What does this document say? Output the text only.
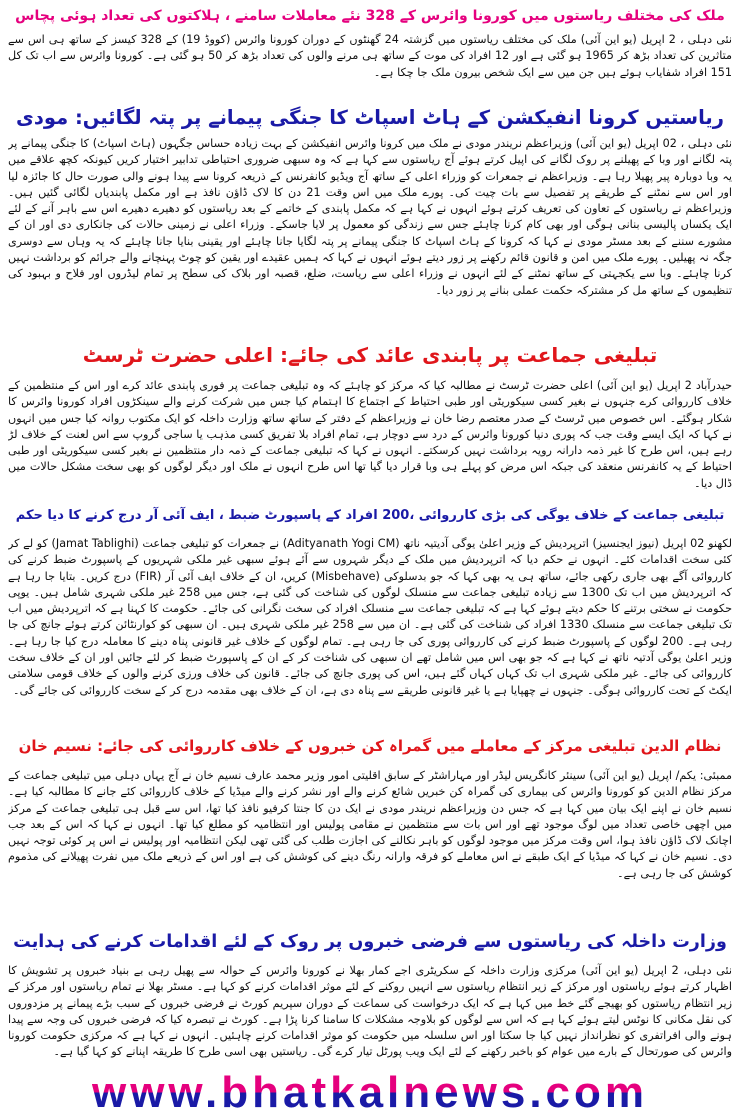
ملک کی مختلف ریاستوں میں کورونا وائرس کے 328 نئے معاملات سامنے ، ہلاکتوں کی تعداد ہوئی پچاس
نئی دہلی ، 2 اپریل (یو این آئی) ملک کی مختلف ریاستوں میں گزشتہ 24 گھنٹوں کے دوران کورونا وائرس (کووڈ 19) کے 328 کیسز کے ساتھ ہی اس سے متاثرین کی تعداد بڑھ کر 1965 ہو گئی ہے اور 12 افراد کی موت کے ساتھ ہی مرنے والوں کی تعداد بڑھ کر 50 ہو گئی ہے۔ کورونا وائرس سے اب تک کل 151 افراد شفایاب ہوئے ہیں جن میں سے ایک شخص بیرون ملک جا چکا ہے۔
ریاستیں کرونا انفیکشن کے ہاٹ اسپاٹ کا جنگی پیمانے پر پتہ لگائیں: مودی
نئی دہلی ، 02 اپریل (یو این آئی) وزیراعظم نریندر مودی نے ملک میں کرونا وائرس انفیکشن کے بہت زیادہ حساس جگہوں (ہاٹ اسپاٹ) کا جنگی پیمانے پر پتہ لگانے اور وبا کے پھیلنے پر روک لگانے کی اپیل کرتے ہوئے آج ریاستوں سے کہا ہے کہ وہ سبھی ضروری احتیاطی تدابیر اختیار کریں کیونکہ کچھ علاقے میں یہ وبا دوبارہ پیر پھیلا رہا ہے۔ وزیراعظم نے جمعرات کو وزراء اعلی کے ساتھ آج ویڈیو کانفرنس کے ذریعہ کرونا سے پیدا ہونے والی صورت حال کا جائزہ لیا اور اس سے نمٹنے کے طریقے پر تفصیل سے بات چیت کی۔ پورے ملک میں اس وقت 21 دن کا لاک ڈاؤن نافذ ہے اور مکمل پابندیاں لگائی گئیں ہیں۔ وزیراعظم نے ریاستوں کے تعاون کی تعریف کرتے ہوئے انہوں نے کہا ہے کہ مکمل پابندی کے خاتمے کے بعد ریاستوں کو دھیرے دھیرے اس سے باہر آنے کے لئے ایک یکساں پالیسی بنانی ہوگی اور بھی کام کرنا چاہئے جس سے زندگی کو معمول پر لایا جاسکے۔ وزراء اعلی نے زمینی حالات کی جانکاری دی اور ان کے مشورے سننے کے بعد مسٹر مودی نے کہا کہ کرونا کے ہاٹ اسپاٹ کا جنگی پیمانے پر پتہ لگایا جانا چاہئے اور یقینی بنایا جانا چاہئے کہ یہ وہاں سے دوسری جگہ نہ پھیلیں۔ پورے ملک میں امن و قانون قائم رکھنے پر زور دیتے ہوئے انہوں نے کہا کہ ہمیں عقیدے اور یقین کو چوٹ پہنچانے والے جرائم کو برداشت نہیں کرنا چاہئے۔ وبا سے یکجہتی کے ساتھ نمٹنے کے لئے انہوں نے وزراء اعلی سے ریاست، ضلع، قصبہ اور بلاک کی سطح پر تمام لیڈروں اور فلاح و بہبود کی تنظیموں کے ساتھ مل کر مشترکہ حکمت عملی بنانے پر زور دیا۔
تبلیغی جماعت پر پابندی عائد کی جائے: اعلی حضرت ٹرسٹ
حیدرآباد 2 اپریل (یو این آئی) اعلی حضرت ٹرسٹ نے مطالبہ کیا کہ مرکز کو چاہئے کہ وہ تبلیغی جماعت پر فوری پابندی عائد کرے اور اس کے منتظمین کے خلاف کارروائی کرے جنہوں نے بغیر کسی سیکوریٹی اور طبی احتیاط کے اجتماع کا اہتمام کیا جس میں شرکت کرنے والے سینکڑوں افراد کورونا وائرس کا شکار ہوگئے۔ اس خصوص میں ٹرسٹ کے صدر معتصم رضا خان نے وزیراعظم کے دفتر کے ساتھ ساتھ وزارت داخلہ کو ایک مکتوب روانہ کیا جس میں انہوں نے کہا کہ ایک ایسے وقت جب کہ پوری دنیا کورونا وائرس کے درد سے دوچار ہے، تمام افراد بلا تفریق کسی مذہب یا ساجی گروپ سے اس لعنت کے خلاف لڑ رہے ہیں، اس طرح کا غیر ذمہ دارانہ رویہ برداشت نہیں کرسکتے۔ انہوں نے کہا کہ تبلیغی جماعت کے ذمہ دار منتظمین نے بغیر کسی سیکوریٹی اور طبی احتیاط کے یہ کانفرنس منعقد کی جبکہ اس مرض کو پہلے ہی وبا قرار دیا گیا تھا اس طرح انہوں نے ملک اور دیگر لوگوں کو بھی سخت مشکل حالات میں ڈال دیا۔
تبلیغی جماعت کے خلاف یوگی کی بڑی کارروائی ،200 افراد کے پاسپورٹ ضبط ، ایف آئی آر درج کرنے کا دیا حکم
لکھنو 02 اپریل (نیوز ایجنسیز) اترپردیش کے وزیر اعلیٰ یوگی آدیتیہ ناتھ (Adityanath Yogi CM) نے جمعرات کو تبلیغی جماعت (Jamat Tablighi) کو لے کر کئی سخت اقدامات کئے۔ انہوں نے حکم دیا کہ اترپردیش میں ملک کے دیگر شہروں سے آئے ہوئے سبھی غیر ملکی شہریوں کے پاسپورٹ ضبط کرنے کی کارروائی آگے بھی جاری رکھی جائے، ساتھ ہی یہ بھی کہا کہ جو بدسلوکی (Misbehave) کریں، ان کے خلاف ایف آئی آر (FIR) درج کریں۔ بتایا جا رہا ہے کہ اترپردیش میں اب تک 1300 سے زیادہ تبلیغی جماعت سے منسلک لوگوں کی شناخت کی گئی ہے، جس میں 258 غیر ملکی شہری شامل ہیں۔ یوپی حکومت نے سختی برتنے کا حکم دیتے ہوئے کہا ہے کہ تبلیغی جماعت سے منسلک افراد کی سخت نگرانی کی جائے۔ حکومت کا کہنا ہے کہ اترپردیش میں اب تک تبلیغی جماعت سے منسلک 1330 افراد کی شناخت کی گئی ہے۔ ان میں سے 258 غیر ملکی شہری ہیں۔ ان سبھی کو کوارنٹائن کرتے ہوئے جانچ کی جا رہی ہے۔ 200 لوگوں کے پاسپورٹ ضبط کرنے کی کارروائی پوری کی جا رہی ہے۔ تمام لوگوں کے خلاف غیر قانونی پناہ دینے کا معاملہ درج کیا جا رہا ہے۔ وزیر اعلیٰ یوگی آدتیہ ناتھ نے کہا ہے کہ جو بھی اس میں شامل تھے ان سبھی کی شناخت کر کے ان کے پاسپورٹ ضبط کر لئے جائیں اور ان کے خلاف سخت کارروائی کی جائے۔ غیر ملکی شہری اب تک کہاں کہاں گئے ہیں، اس کی پوری جانچ کی جائے۔ قانون کی خلاف ورزی کرنے والوں کے خلاف قومی سلامتی ایکٹ کے تحت کارروائی ہوگی۔ جنہوں نے چھپایا ہے یا غیر قانونی طریقے سے پناہ دی ہے، ان کے خلاف بھی مقدمہ درج کر کے سخت کارروائی کی جائے گی۔
نظام الدین تبلیغی مرکز کے معاملے میں گمراہ کن خبروں کے خلاف کارروائی کی جائے: نسیم خان
ممبئی: یکم/ اپریل (یو این آئی) سینئر کانگریس لیڈر اور مہاراشٹر کے سابق اقلیتی امور وزیر محمد عارف نسیم خان نے آج یہاں دہلی میں تبلیغی جماعت کے مرکز نظام الدین کو کورونا وائرس کی بیماری کی گمراہ کن خبریں شائع کرنے والے اور نشر کرنے والے میڈیا کے خلاف کارروائی کئے جانے کا مطالبہ کیا ہے۔ نسیم خان نے اپنے ایک بیان میں کہا ہے کہ جس دن وزیراعظم نریندر مودی نے ایک دن کا جنتا کرفیو نافذ کیا تھا، اس سے قبل ہی تبلیغی جماعت کے مرکز میں اچھی خاصی تعداد میں لوگ موجود تھے اور اس بات سے منتظمین نے مقامی پولیس اور انتظامیہ کو مطلع کیا تھا۔ انہوں نے کہا کہ اس کے بعد جب اچانک لاک ڈاؤن نافذ ہوا، اس وقت مرکز میں موجود لوگوں کو باہر نکالنے کی اجازت طلب کی گئی تھی لیکن انتظامیہ اور پولیس نے اس پر کوئی توجہ نہیں دی۔ نسیم خان نے کہا کہ میڈیا کے ایک طبقے نے اس معاملے کو فرقہ وارانہ رنگ دینے کی کوشش کی ہے اور اس کے ذریعے ملک میں نفرت پھیلانے کی مذموم کوشش کی جا رہی ہے۔
وزارت داخلہ کی ریاستوں سے فرضی خبروں پر روک کے لئے اقدامات کرنے کی ہدایت
نئی دہلی، 2 اپریل (یو این آئی) مرکزی وزارت داخلہ کے سکریٹری اجے کمار بھلا نے کورونا وائرس کے حوالہ سے پھیل رہی بے بنیاد خبروں پر تشویش کا اظہار کرتے ہوئے ریاستوں اور مرکز کے زیر انتظام ریاستوں سے انہیں روکنے کے لئے موثر اقدامات کرنے کو کہا ہے۔ مسٹر بھلا نے تمام ریاستوں اور مرکز کے زیر انتظام ریاستوں کو بھیجے گئے خط میں کہا ہے کہ ایک درخواست کی سماعت کے دوران سپریم کورٹ نے فرضی خبروں کے سبب بڑے پیمانے پر مزدوروں کی نقل مکانی کا نوٹس لیتے ہوئے کہا ہے کہ اس سے لوگوں کو بلاوجہ مشکلات کا سامنا کرنا پڑا ہے۔ کورٹ نے تبصرہ کیا کہ فرضی خبروں کی وجہ سے پیدا ہونے والی افراتفری کو نظرانداز نہیں کیا جا سکتا اور اس سلسلہ میں حکومت کو موثر اقدامات کرنے چاہئیں۔ انہوں نے کہا ہے کہ مرکزی حکومت کورونا وائرس کی صورتحال کے بارے میں عوام کو باخبر رکھنے کے لئے ایک ویب پورٹل تیار کرے گی۔ ریاستیں بھی اسی طرح کا طریقہ اپنانے کو کہا گیا ہے۔
www.bhatkalnews.com
